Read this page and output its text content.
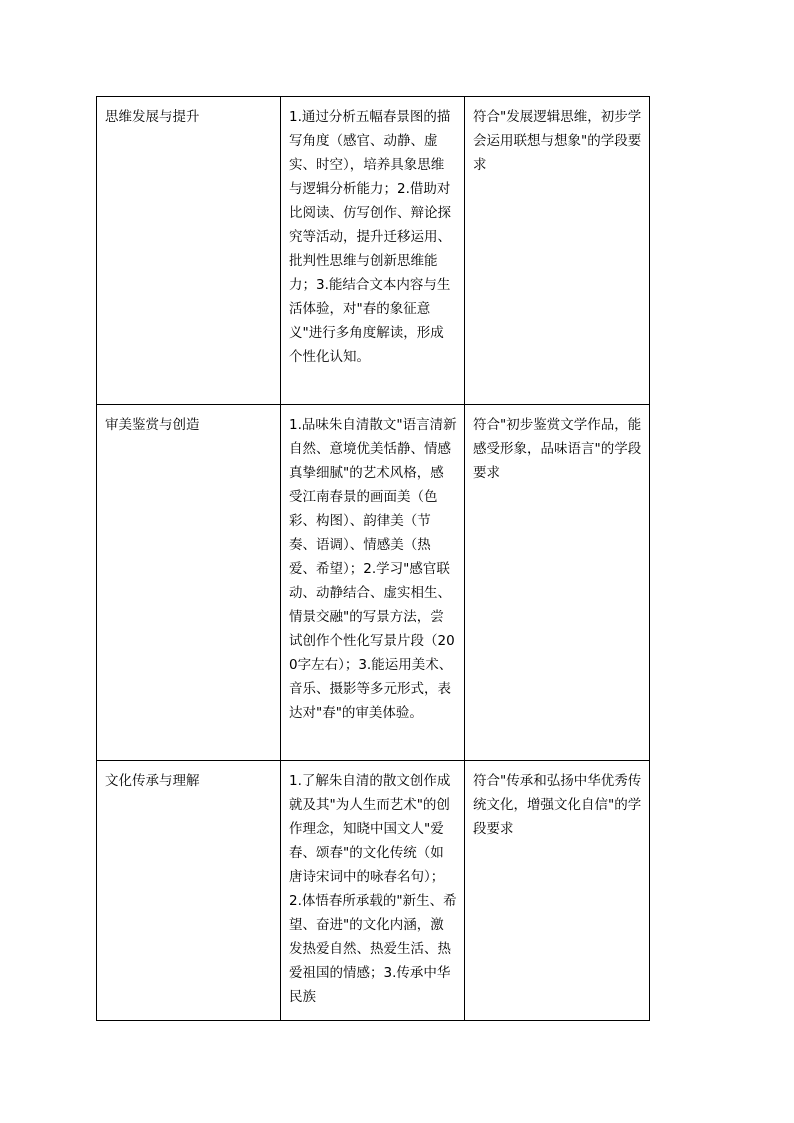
思维发展与提升	1.通过分析五幅春景图的描写角度（感官、动静、虚实、时空），培养具象思维与逻辑分析能力；2.借助对比阅读、仿写创作、辩论探究等活动，提升迁移运用、批判性思维与创新思维能力；3.能结合文本内容与生活体验，对"春的象征意义"进行多角度解读，形成个性化认知。	符合"发展逻辑思维，初步学会运用联想与想象"的学段要求
审美鉴赏与创造	1.品味朱自清散文"语言清新自然、意境优美恬静、情感真挚细腻"的艺术风格，感受江南春景的画面美（色彩、构图）、韵律美（节奏、语调）、情感美（热爱、希望）；2.学习"感官联动、动静结合、虚实相生、情景交融"的写景方法，尝试创作个性化写景片段（200字左右）；3.能运用美术、音乐、摄影等多元形式，表达对"春"的审美体验。	符合"初步鉴赏文学作品，能感受形象，品味语言"的学段要求
文化传承与理解	1.了解朱自清的散文创作成就及其"为人生而艺术"的创作理念，知晓中国文人"爱春、颂春"的文化传统（如唐诗宋词中的咏春名句）；2.体悟春所承载的"新生、希望、奋进"的文化内涵，激发热爱自然、热爱生活、热爱祖国的情感；3.传承中华民族	符合"传承和弘扬中华优秀传统文化，增强文化自信"的学段要求
